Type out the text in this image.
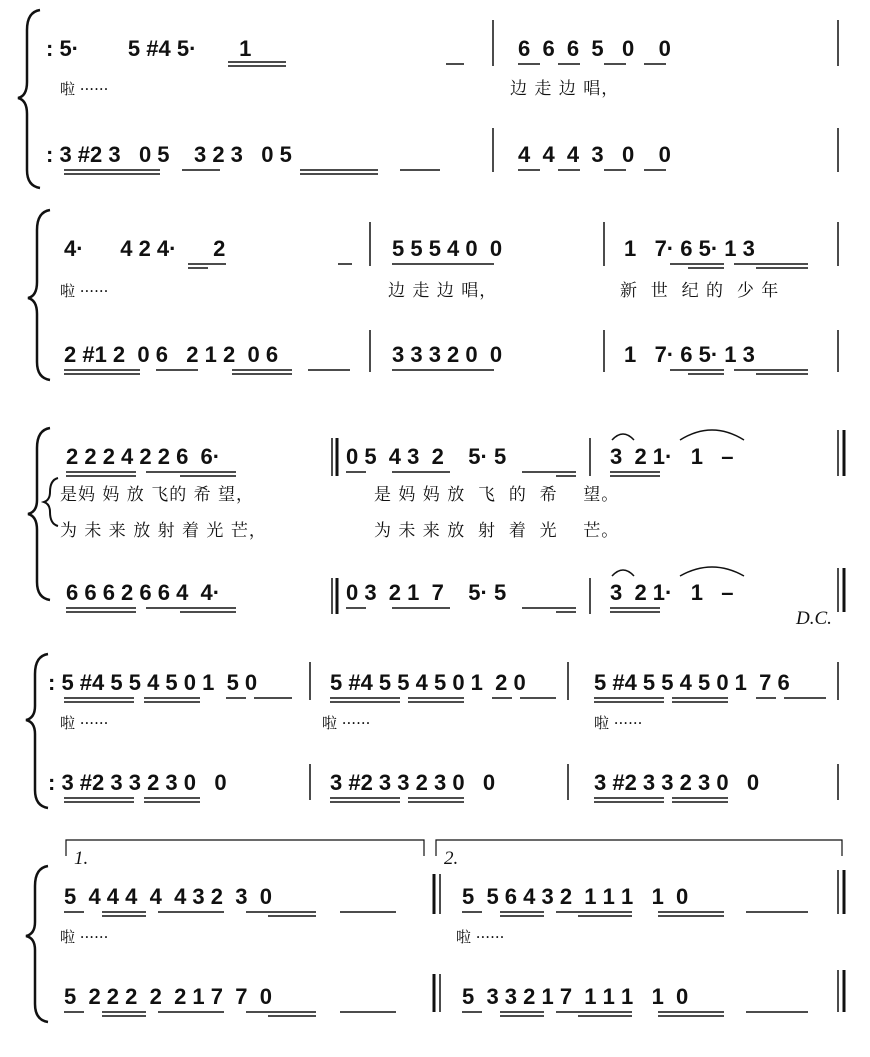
: 5·        5 #4 5·       1	6  6  6  5   0    0
啦 ······	边 走 边 唱，
: 3 #2 3   0 5    3 2 3   0 5	4  4  4  3   0    0
4·      4 2 4·      2	5 5 5 4 0  0	1   7· 6 5· 1 3
啦 ······	边 走 边 唱，	新  世  纪 的  少 年
2 #1 2  0 6   2 1 2  0 6	3 3 3 2 0  0	1   7· 6 5· 1 3
2 2 2 4 2 2 6  6·	0 5  4 3  2    5· 5	3  2 1·   1   –
是妈 妈 放 飞的 希 望，	是 妈 妈 放  飞  的  希    望。
为 未 来 放 射 着 光 芒，	为 未 来 放  射  着  光    芒。
6 6 6 2 6 6 4  4·	0 3  2 1  7    5· 5	3  2 1·   1   –
D.C.
: 5 #4 5 5 4 5 0 1  5 0	5 #4 5 5 4 5 0 1  2 0	5 #4 5 5 4 5 0 1  7 6
啦 ······	啦 ······	啦 ······
: 3 #2 3 3 2 3 0   0	3 #2 3 3 2 3 0   0	3 #2 3 3 2 3 0   0
1.	2.
5  4 4 4  4  4 3 2  3  0	5  5 6 4 3 2  1 1 1   1  0
啦 ······	啦 ······
5  2 2 2  2  2 1 7  7  0	5  3 3 2 1 7  1 1 1   1  0
